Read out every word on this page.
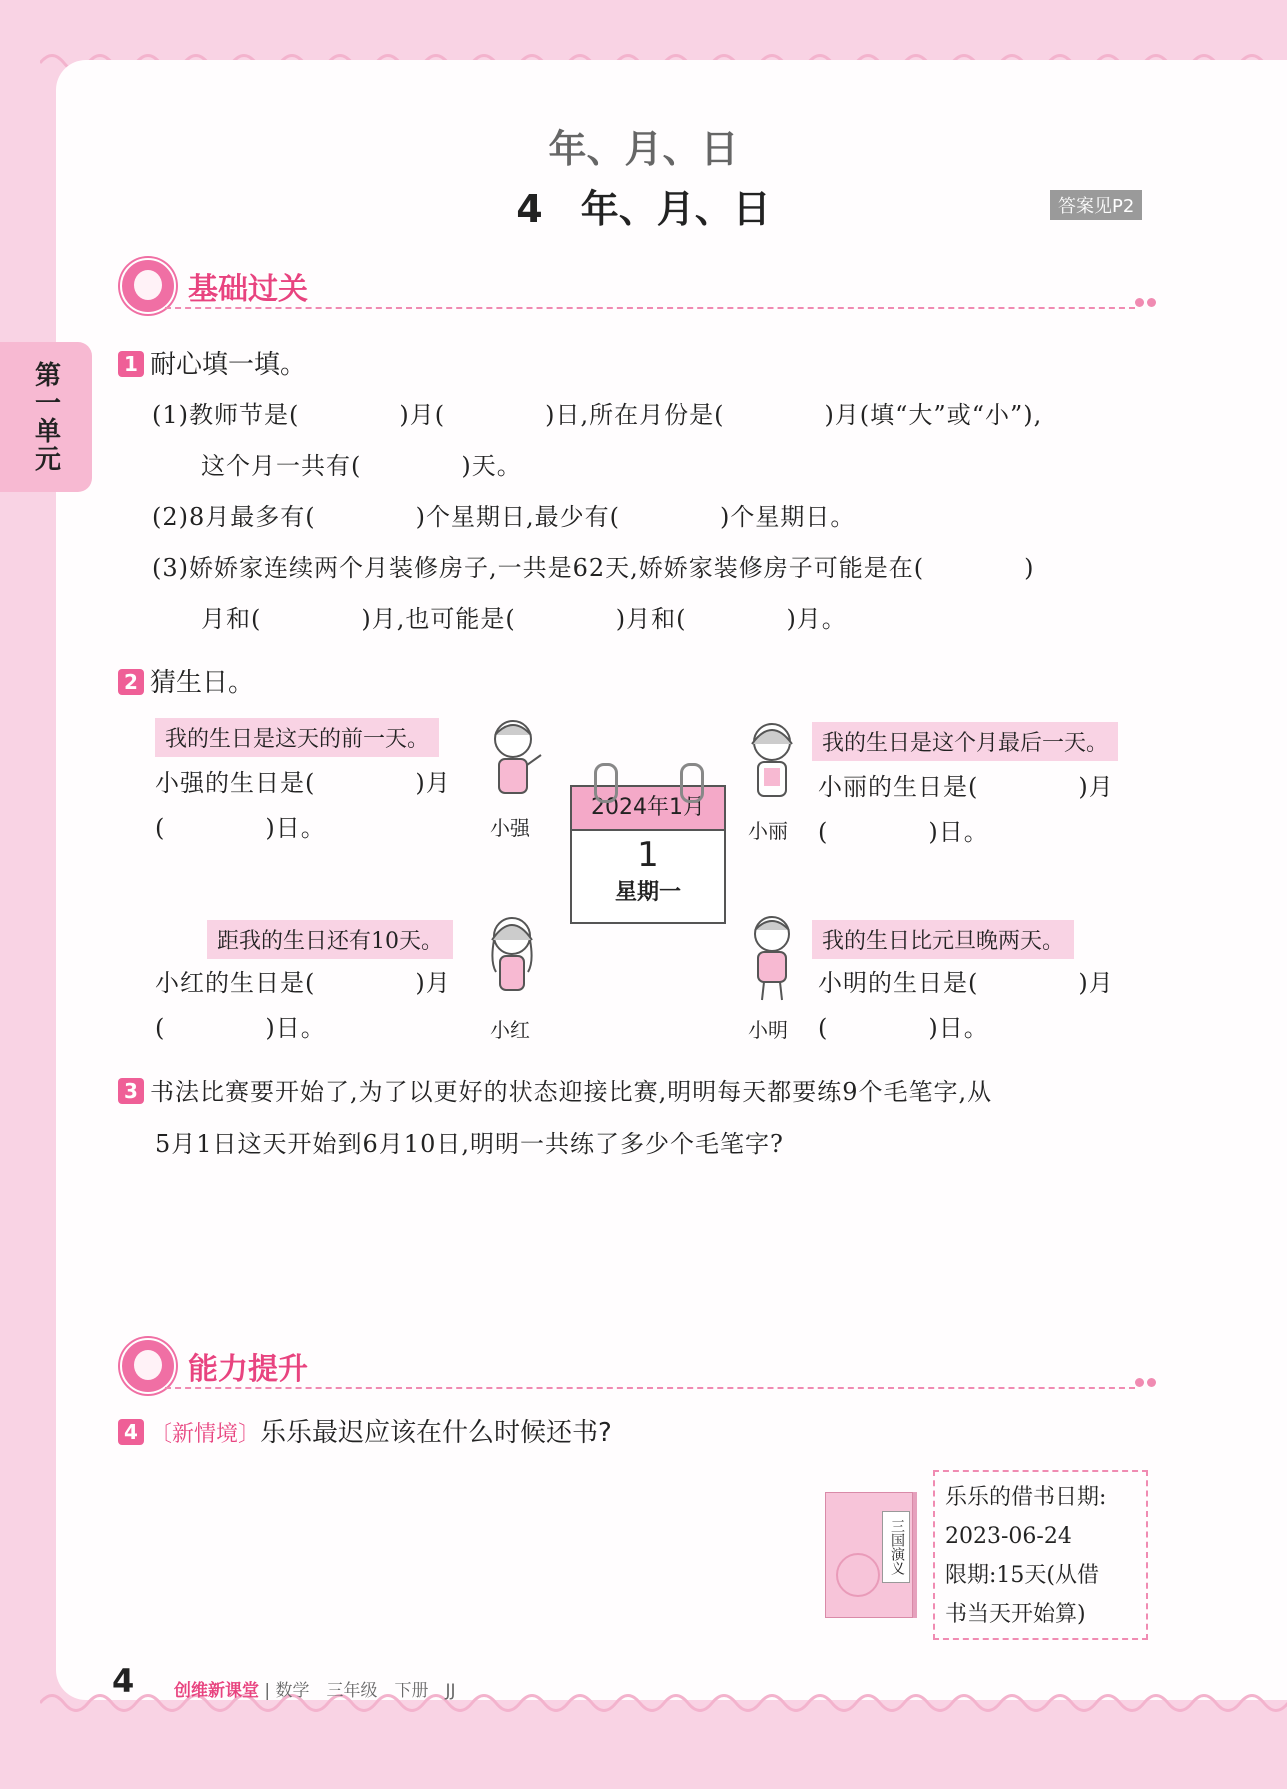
第一单元
年、月、日
4　年、月、日	答案见P2
基础过关
1 耐心填一填。
(1)教师节是(　　　　)月(　　　　)日,所在月份是(　　　　)月(填“大”或“小”),
　这个月一共有(　　　　)天。
(2)8月最多有(　　　　)个星期日,最少有(　　　　)个星期日。
(3)娇娇家连续两个月装修房子,一共是62天,娇娇家装修房子可能是在(　　　　)
　月和(　　　　)月,也可能是(　　　　)月和(　　　　)月。
2 猜生日。
我的生日是这天的前一天。
小强的生日是(　　　　)月
(　　　　)日。	小强
2024年1月
1
星期一
小丽
我的生日是这个月最后一天。
小丽的生日是(　　　　)月
(　　　　)日。
距我的生日还有10天。
小红的生日是(　　　　)月
(　　　　)日。	小红	小明
我的生日比元旦晚两天。
小明的生日是(　　　　)月
(　　　　)日。
3 书法比赛要开始了,为了以更好的状态迎接比赛,明明每天都要练9个毛笔字,从
5月1日这天开始到6月10日,明明一共练了多少个毛笔字?
能力提升
4 〔新情境〕乐乐最迟应该在什么时候还书?
三国演义
乐乐的借书日期:
2023-06-24
限期:15天(从借
书当天开始算)
4 创维新课堂 | 数学　三年级　下册　JJ
